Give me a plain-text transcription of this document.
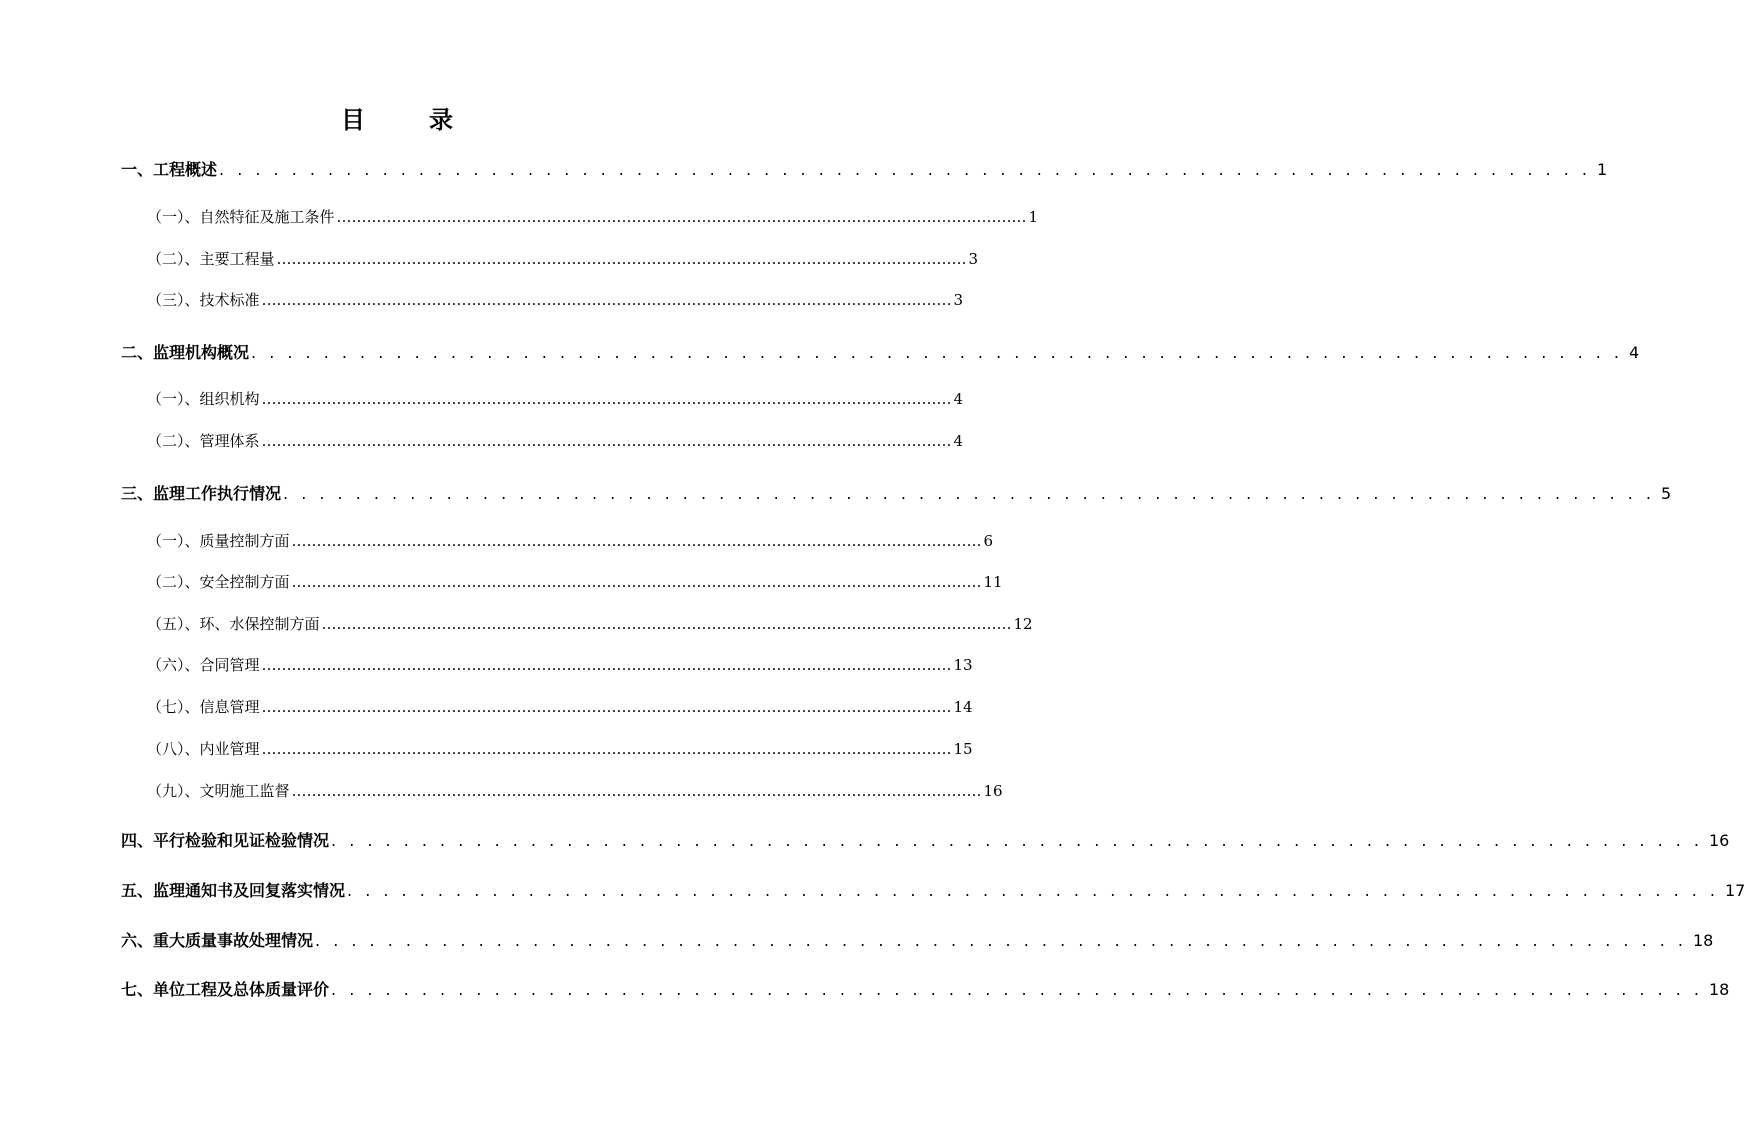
目	录
一、工程概述 . . . . . . . . . . . . . . . . . . . . . . . . . . . . . . . . . . . . . . . . . . . . . . . . . . . . . . . . . . . . . . . . . . . . . . . . . . . . 1
（一）、自然特征及施工条件 ………………………………………………………………………………………………………………………… 1
（二）、主要工程量 ………………………………………………………………………………………………………………………… 3
（三）、技术标准 ………………………………………………………………………………………………………………………… 3
二、监理机构概况 . . . . . . . . . . . . . . . . . . . . . . . . . . . . . . . . . . . . . . . . . . . . . . . . . . . . . . . . . . . . . . . . . . . . . . . . . . . . 4
（一）、组织机构 ………………………………………………………………………………………………………………………… 4
（二）、管理体系 ………………………………………………………………………………………………………………………… 4
三、监理工作执行情况 . . . . . . . . . . . . . . . . . . . . . . . . . . . . . . . . . . . . . . . . . . . . . . . . . . . . . . . . . . . . . . . . . . . . . . . . . . . . 5
（一）、质量控制方面 ………………………………………………………………………………………………………………………… 6
（二）、安全控制方面 ………………………………………………………………………………………………………………………… 11
（五）、环、水保控制方面 ………………………………………………………………………………………………………………………… 12
（六）、合同管理 ………………………………………………………………………………………………………………………… 13
（七）、信息管理 ………………………………………………………………………………………………………………………… 14
（八）、内业管理 ………………………………………………………………………………………………………………………… 15
（九）、文明施工监督 ………………………………………………………………………………………………………………………… 16
四、平行检验和见证检验情况 . . . . . . . . . . . . . . . . . . . . . . . . . . . . . . . . . . . . . . . . . . . . . . . . . . . . . . . . . . . . . . . . . . . . . . . . . . . . 16
五、监理通知书及回复落实情况 . . . . . . . . . . . . . . . . . . . . . . . . . . . . . . . . . . . . . . . . . . . . . . . . . . . . . . . . . . . . . . . . . . . . . . . . . . . . 17
六、重大质量事故处理情况 . . . . . . . . . . . . . . . . . . . . . . . . . . . . . . . . . . . . . . . . . . . . . . . . . . . . . . . . . . . . . . . . . . . . . . . . . . . . 18
七、单位工程及总体质量评价 . . . . . . . . . . . . . . . . . . . . . . . . . . . . . . . . . . . . . . . . . . . . . . . . . . . . . . . . . . . . . . . . . . . . . . . . . . . . 18
